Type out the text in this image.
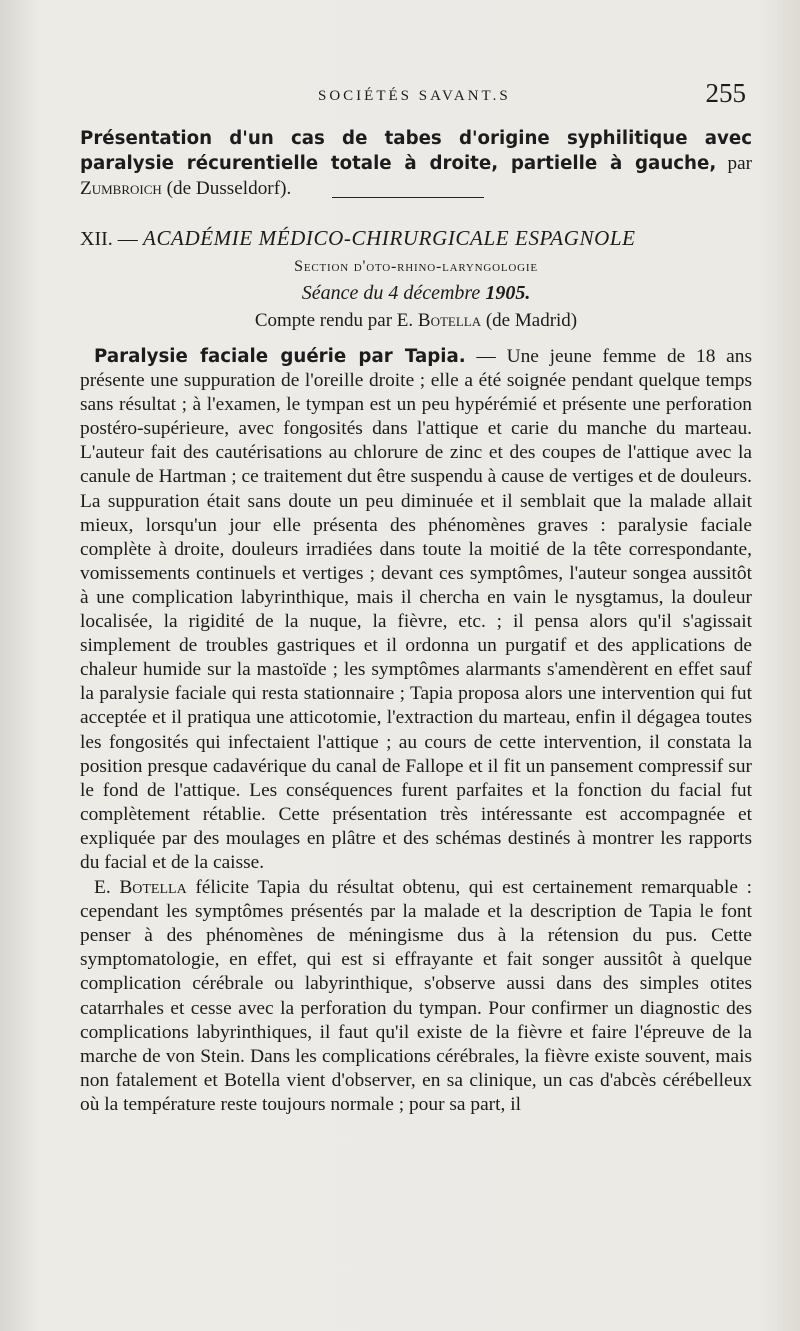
SOCIÉTÉS SAVANT.S	255

Présentation d'un cas de tabes d'origine syphilitique avec paralysie récurentielle totale à droite, partielle à gauche, par Zumbroich (de Dusseldorf).

XII. — ACADÉMIE MÉDICO-CHIRURGICALE ESPAGNOLE
Section d'oto-rhino-laryngologie
Séance du 4 décembre 1905.
Compte rendu par E. Botella (de Madrid)

Paralysie faciale guérie par Tapia. — Une jeune femme de 18 ans présente une suppuration de l'oreille droite ; elle a été soignée pendant quelque temps sans résultat ; à l'examen, le tympan est un peu hypérémié et présente une perforation postéro-supérieure, avec fongosités dans l'attique et carie du manche du marteau. L'auteur fait des cautérisations au chlorure de zinc et des coupes de l'attique avec la canule de Hartman ; ce traitement dut être suspendu à cause de vertiges et de douleurs. La suppuration était sans doute un peu diminuée et il semblait que la malade allait mieux, lorsqu'un jour elle présenta des phénomènes graves : paralysie faciale complète à droite, douleurs irradiées dans toute la moitié de la tête correspondante, vomissements continuels et vertiges ; devant ces symptômes, l'auteur songea aussitôt à une complication labyrinthique, mais il chercha en vain le nysgtamus, la douleur localisée, la rigidité de la nuque, la fièvre, etc. ; il pensa alors qu'il s'agissait simplement de troubles gastriques et il ordonna un purgatif et des applications de chaleur humide sur la mastoïde ; les symptômes alarmants s'amendèrent en effet sauf la paralysie faciale qui resta stationnaire ; Tapia proposa alors une intervention qui fut acceptée et il pratiqua une atticotomie, l'extraction du marteau, enfin il dégagea toutes les fongosités qui infectaient l'attique ; au cours de cette intervention, il constata la position presque cadavérique du canal de Fallope et il fit un pansement compressif sur le fond de l'attique. Les conséquences furent parfaites et la fonction du facial fut complètement rétablie. Cette présentation très intéressante est accompagnée et expliquée par des moulages en plâtre et des schémas destinés à montrer les rapports du facial et de la caisse.

E. Botella félicite Tapia du résultat obtenu, qui est certainement remarquable : cependant les symptômes présentés par la malade et la description de Tapia le font penser à des phénomènes de méningisme dus à la rétension du pus. Cette symptomatologie, en effet, qui est si effrayante et fait songer aussitôt à quelque complication cérébrale ou labyrinthique, s'observe aussi dans des simples otites catarrhales et cesse avec la perforation du tympan. Pour confirmer un diagnostic des complications labyrinthiques, il faut qu'il existe de la fièvre et faire l'épreuve de la marche de von Stein. Dans les complications cérébrales, la fièvre existe souvent, mais non fatalement et Botella vient d'observer, en sa clinique, un cas d'abcès cérébelleux où la température reste toujours normale ; pour sa part, il
